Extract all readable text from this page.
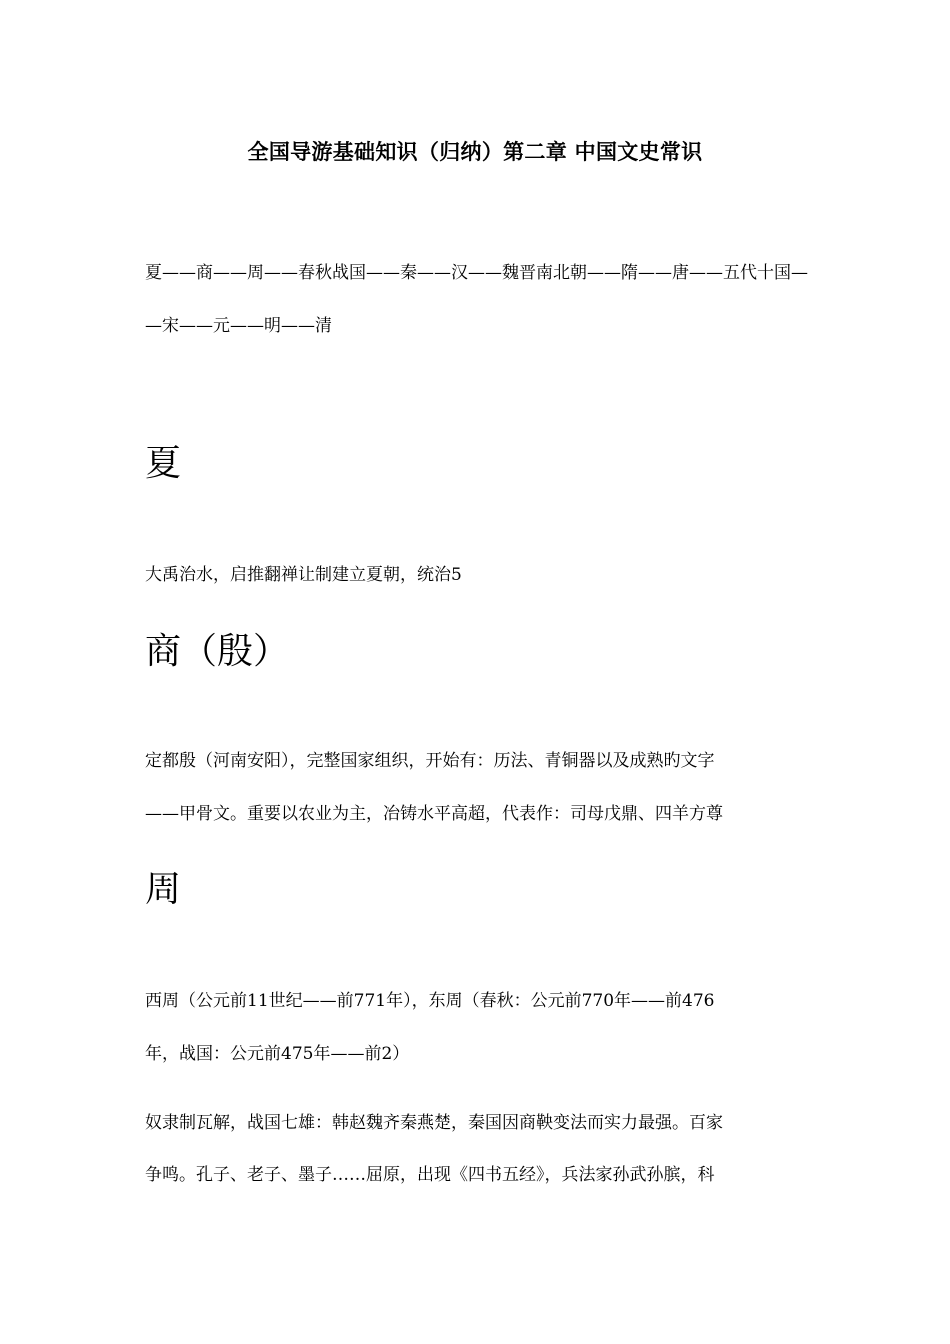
全国导游基础知识（归纳）第二章 中国文史常识
夏——商——周——春秋战国——秦——汉——魏晋南北朝——隋——唐——五代十国—
—宋——元——明——清
夏
大禹治水，启推翻禅让制建立夏朝，统治5
商（殷）
定都殷（河南安阳），完整国家组织，开始有：历法、青铜器以及成熟旳文字
——甲骨文。重要以农业为主，冶铸水平高超，代表作：司母戊鼎、四羊方尊
周
西周（公元前11世纪——前771年），东周（春秋：公元前770年——前476
年，战国：公元前475年——前2）
奴隶制瓦解，战国七雄：韩赵魏齐秦燕楚，秦国因商鞅变法而实力最强。百家
争鸣。孔子、老子、墨子……屈原，出现《四书五经》，兵法家孙武孙膑，科
